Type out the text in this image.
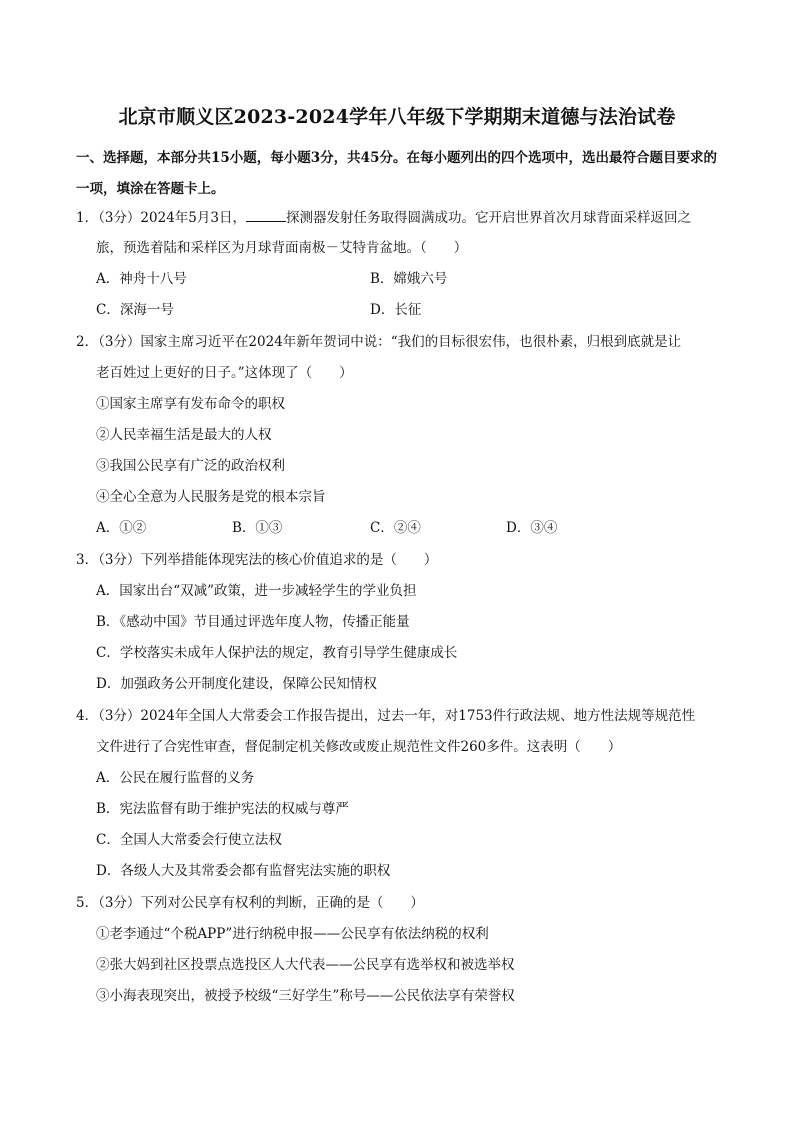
北京市顺义区2023-2024学年八年级下学期期末道德与法治试卷
一、选择题，本部分共15小题，每小题3分，共45分。在每小题列出的四个选项中，选出最符合题目要求的一项，填涂在答题卡上。
1．（3分）2024年5月3日，	探测器发射任务取得圆满成功。它开启世界首次月球背面采样返回之
旅，预选着陆和采样区为月球背面南极－艾特肯盆地。（　　）
A．神舟十八号	B．嫦娥六号
C．深海一号	D．长征
2．（3分）国家主席习近平在2024年新年贺词中说：“我们的目标很宏伟，也很朴素，归根到底就是让
老百姓过上更好的日子。”这体现了（　　）
①国家主席享有发布命令的职权
②人民幸福生活是最大的人权
③我国公民享有广泛的政治权利
④全心全意为人民服务是党的根本宗旨
A．①②	B．①③	C．②④	D．③④
3．（3分）下列举措能体现宪法的核心价值追求的是（　　）
A．国家出台“双减”政策，进一步减轻学生的学业负担
B．《感动中国》节目通过评选年度人物，传播正能量
C．学校落实未成年人保护法的规定，教育引导学生健康成长
D．加强政务公开制度化建设，保障公民知情权
4．（3分）2024年全国人大常委会工作报告提出，过去一年，对1753件行政法规、地方性法规等规范性
文件进行了合宪性审查，督促制定机关修改或废止规范性文件260多件。这表明（　　）
A．公民在履行监督的义务
B．宪法监督有助于维护宪法的权威与尊严
C．全国人大常委会行使立法权
D．各级人大及其常委会都有监督宪法实施的职权
5．（3分）下列对公民享有权利的判断，正确的是（　　）
①老李通过“个税APP”进行纳税申报——公民享有依法纳税的权利
②张大妈到社区投票点选投区人大代表——公民享有选举权和被选举权
③小海表现突出，被授予校级“三好学生”称号——公民依法享有荣誉权
